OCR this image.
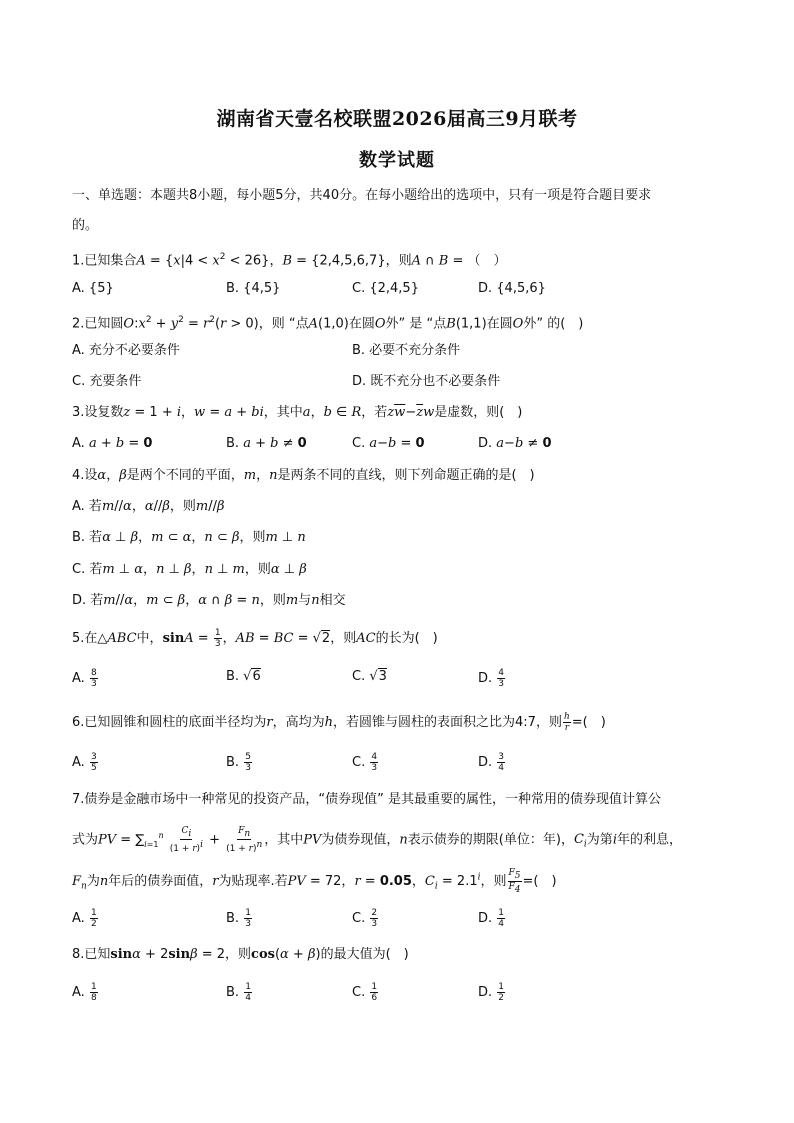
湖南省天壹名校联盟2026届高三9月联考
数学试题
一、单选题：本题共8小题，每小题5分，共40分。在每小题给出的选项中，只有一项是符合题目要求
的。
1.已知集合$A = \{x|4 < x^2 < 26\}$，B = {2,4,5,6,7}，则A ∩ B = （　）
A. {5}	B. {4,5}	C. {2,4,5}	D. {4,5,6}
2.已知圆$O:x^2 + y^2 = r^2(r > 0)$，则 “点A(1,0)在圆O外” 是 “点B(1,1)在圆O外” 的(　)
A. 充分不必要条件	B. 必要不充分条件
C. 充要条件	D. 既不充分也不必要条件
3.设复数z = 1 + i，w = a + bi，其中a，b ∈ R，若$z\overline{w}-\overline{z}w$是虚数，则(　)
A. a + b = 0	B. a + b ≠ 0	C. a−b = 0	D. a−b ≠ 0
4.设α，β是两个不同的平面，m，n是两条不同的直线，则下列命题正确的是(　)
A. 若m//α，α//β，则m//β
B. 若α ⊥ β，m ⊂ α，n ⊂ β，则m ⊥ n
C. 若m ⊥ α，n ⊥ β，n ⊥ m，则α ⊥ β
D. 若m//α，m ⊂ β，α ∩ β = n，则m与n相交
5.在△ABC中，$\sin A = \frac{1}{3}$ ，AB = BC = √2，则AC的长为(　)
A. $\frac{8}{3}$	B. √6	C. √3	D. $\frac{4}{3}$
6.已知圆锥和圆柱的底面半径均为r，高均为h，若圆锥与圆柱的表面积之比为4:7，则 $\frac{h}{r}$ =(　)
A. $\frac{3}{5}$	B. $\frac{5}{3}$	C. $\frac{4}{3}$	D. $\frac{3}{4}$
7.债券是金融市场中一种常见的投资产品，“债券现值” 是其最重要的属性，一种常用的债券现值计算公
式为PV = $\sum_{i=1}^n \frac{C_i}{(1 + r)^i} + \frac{F_n}{(1 + r)^n}$ ，其中PV为债券现值，n表示债券的期限(单位：年)，$C_i$为第i年的利息，
$F_n$为n年后的债券面值，r为贴现率.若PV = 72，r = 0.05，$C_i = 2.1^i$，则 $\frac{F_5}{F_4}$ =(　)
A. $\frac{1}{2}$	B. $\frac{1}{3}$	C. $\frac{2}{3}$	D. $\frac{1}{4}$
8.已知sinα + 2sinβ = 2，则cos(α + β)的最大值为(　)
A. $\frac{1}{8}$	B. $\frac{1}{4}$	C. $\frac{1}{6}$	D. $\frac{1}{2}$
